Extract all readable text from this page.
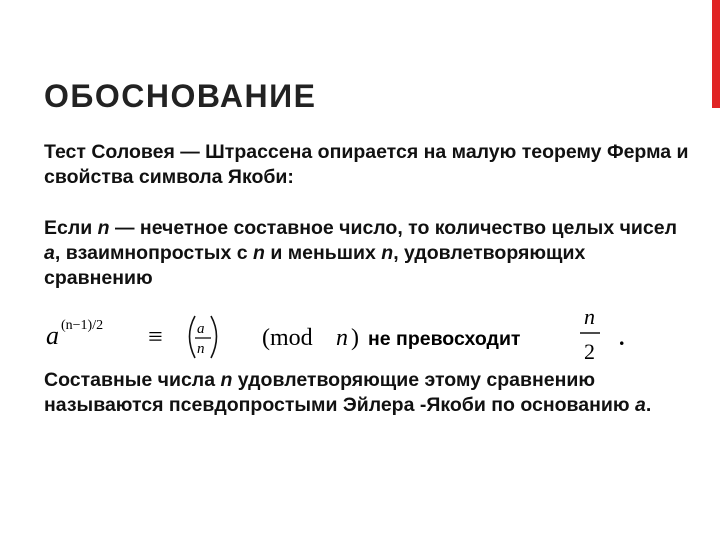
ОБОСНОВАНИЕ
Тест Соловея — Штрассена опирается на малую теорему Ферма и свойства символа Якоби:
Если n — нечетное составное число, то количество целых чисел a, взаимнопростых с n и меньших n, удовлетворяющих сравнению
a (n−1)/2 ≡ a
n (mod n ) не превосходит
n
2
.
Составные числа n удовлетворяющие этому сравнению называются псевдопростыми Эйлера -Якоби по основанию a.
